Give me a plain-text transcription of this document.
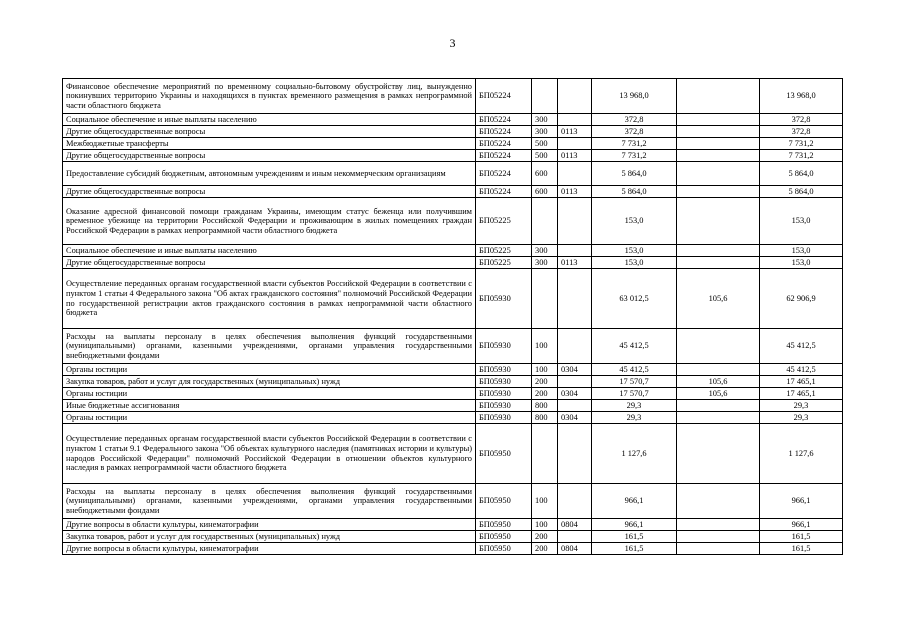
3
Финансовое обеспечение мероприятий по временному социально-бытовому обустройству лиц, вынужденно покинувших территорию Украины и находящихся в пунктах временного размещения в рамках непрограммной части областного бюджета	БП05224			13 968,0		13 968,0
Социальное обеспечение и иные выплаты населению	БП05224	300		372,8		372,8
Другие общегосударственные вопросы	БП05224	300	0113	372,8		372,8
Межбюджетные трансферты	БП05224	500		7 731,2		7 731,2
Другие общегосударственные вопросы	БП05224	500	0113	7 731,2		7 731,2
Предоставление субсидий бюджетным, автономным учреждениям и иным некоммерческим организациям	БП05224	600		5 864,0		5 864,0
Другие общегосударственные вопросы	БП05224	600	0113	5 864,0		5 864,0
Оказание адресной финансовой помощи гражданам Украины, имеющим статус беженца или получившим временное убежище на территории Российской Федерации и проживающим в жилых помещениях граждан Российской Федерации в рамках непрограммной части областного бюджета	БП05225			153,0		153,0
Социальное обеспечение и иные выплаты населению	БП05225	300		153,0		153,0
Другие общегосударственные вопросы	БП05225	300	0113	153,0		153,0
Осуществление переданных органам государственной власти субъектов Российской Федерации в соответствии с пунктом 1 статьи 4 Федерального закона "Об актах гражданского состояния" полномочий Российской Федерации по государственной регистрации актов гражданского состояния в рамках непрограммной части областного бюджета	БП05930			63 012,5	105,6	62 906,9
Расходы на выплаты персоналу в целях обеспечения выполнения функций государственными (муниципальными) органами, казенными учреждениями, органами управления государственными внебюджетными фондами	БП05930	100		45 412,5		45 412,5
Органы юстиции	БП05930	100	0304	45 412,5		45 412,5
Закупка товаров, работ и услуг для государственных (муниципальных) нужд	БП05930	200		17 570,7	105,6	17 465,1
Органы юстиции	БП05930	200	0304	17 570,7	105,6	17 465,1
Иные бюджетные ассигнования	БП05930	800		29,3		29,3
Органы юстиции	БП05930	800	0304	29,3		29,3
Осуществление переданных органам государственной власти субъектов Российской Федерации в соответствии с пунктом 1 статьи 9.1 Федерального закона "Об объектах культурного наследия (памятниках истории и культуры) народов Российской Федерации" полномочий Российской Федерации в отношении объектов культурного наследия в рамках непрограммной части областного бюджета	БП05950			1 127,6		1 127,6
Расходы на выплаты персоналу в целях обеспечения выполнения функций государственными (муниципальными) органами, казенными учреждениями, органами управления государственными внебюджетными фондами	БП05950	100		966,1		966,1
Другие вопросы в области культуры, кинематографии	БП05950	100	0804	966,1		966,1
Закупка товаров, работ и услуг для государственных (муниципальных) нужд	БП05950	200		161,5		161,5
Другие вопросы в области культуры, кинематографии	БП05950	200	0804	161,5		161,5
